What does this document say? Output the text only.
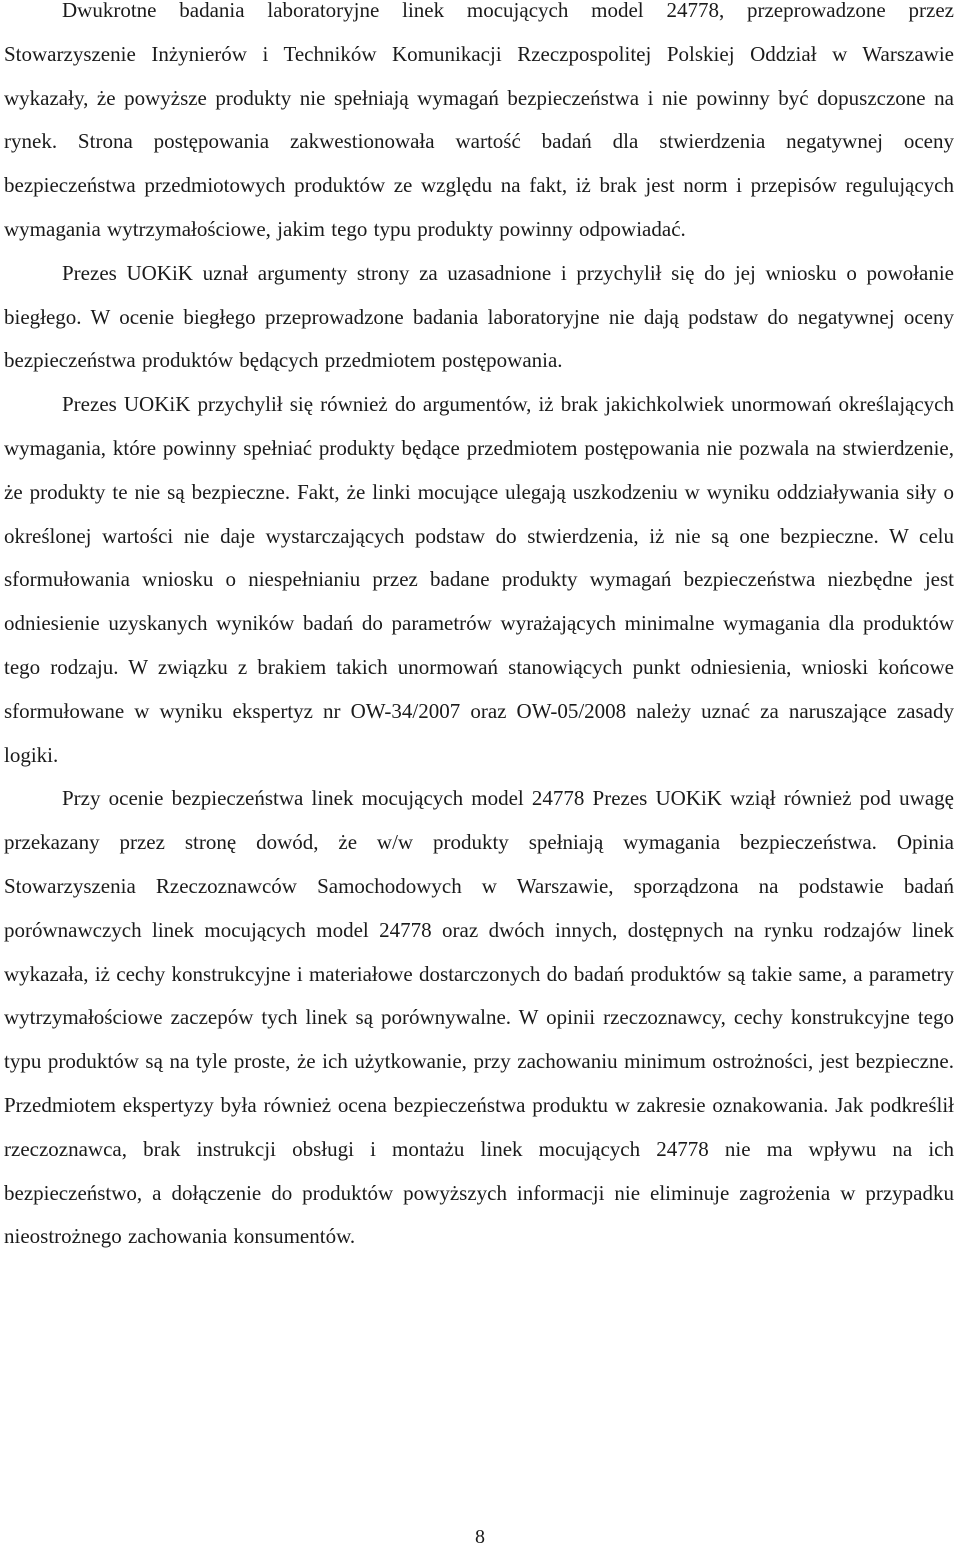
Dwukrotne badania laboratoryjne linek mocujących model 24778, przeprowadzone przez Stowarzyszenie Inżynierów i Techników Komunikacji Rzeczpospolitej Polskiej Oddział w Warszawie wykazały, że powyższe produkty nie spełniają wymagań bezpieczeństwa i nie powinny być dopuszczone na rynek. Strona postępowania zakwestionowała wartość badań dla stwierdzenia negatywnej oceny bezpieczeństwa przedmiotowych produktów ze względu na fakt, iż brak jest norm i przepisów regulujących wymagania wytrzymałościowe, jakim tego typu produkty powinny odpowiadać.

Prezes UOKiK uznał argumenty strony za uzasadnione i przychylił się do jej wniosku o powołanie biegłego. W ocenie biegłego przeprowadzone badania laboratoryjne nie dają podstaw do negatywnej oceny bezpieczeństwa produktów będących przedmiotem postępowania.

Prezes UOKiK przychylił się również do argumentów, iż brak jakichkolwiek unormowań określających wymagania, które powinny spełniać produkty będące przedmiotem postępowania nie pozwala na stwierdzenie, że produkty te nie są bezpieczne. Fakt, że linki mocujące ulegają uszkodzeniu w wyniku oddziaływania siły o określonej wartości nie daje wystarczających podstaw do stwierdzenia, iż nie są one bezpieczne. W celu sformułowania wniosku o niespełnianiu przez badane produkty wymagań bezpieczeństwa niezbędne jest odniesienie uzyskanych wyników badań do parametrów wyrażających minimalne wymagania dla produktów tego rodzaju. W związku z brakiem takich unormowań stanowiących punkt odniesienia, wnioski końcowe sformułowane w wyniku ekspertyz nr OW-34/2007 oraz OW-05/2008 należy uznać za naruszające zasady logiki.

Przy ocenie bezpieczeństwa linek mocujących model 24778 Prezes UOKiK wziął również pod uwagę przekazany przez stronę dowód, że w/w produkty spełniają wymagania bezpieczeństwa. Opinia Stowarzyszenia Rzeczoznawców Samochodowych w Warszawie, sporządzona na podstawie badań porównawczych linek mocujących model 24778 oraz dwóch innych, dostępnych na rynku rodzajów linek wykazała, iż cechy konstrukcyjne i materiałowe dostarczonych do badań produktów są takie same, a parametry wytrzymałościowe zaczepów tych linek są porównywalne. W opinii rzeczoznawcy, cechy konstrukcyjne tego typu produktów są na tyle proste, że ich użytkowanie, przy zachowaniu minimum ostrożności, jest bezpieczne. Przedmiotem ekspertyzy była również ocena bezpieczeństwa produktu w zakresie oznakowania. Jak podkreślił rzeczoznawca, brak instrukcji obsługi i montażu linek mocujących 24778 nie ma wpływu na ich bezpieczeństwo, a dołączenie do produktów powyższych informacji nie eliminuje zagrożenia w przypadku nieostrożnego zachowania konsumentów.

8
